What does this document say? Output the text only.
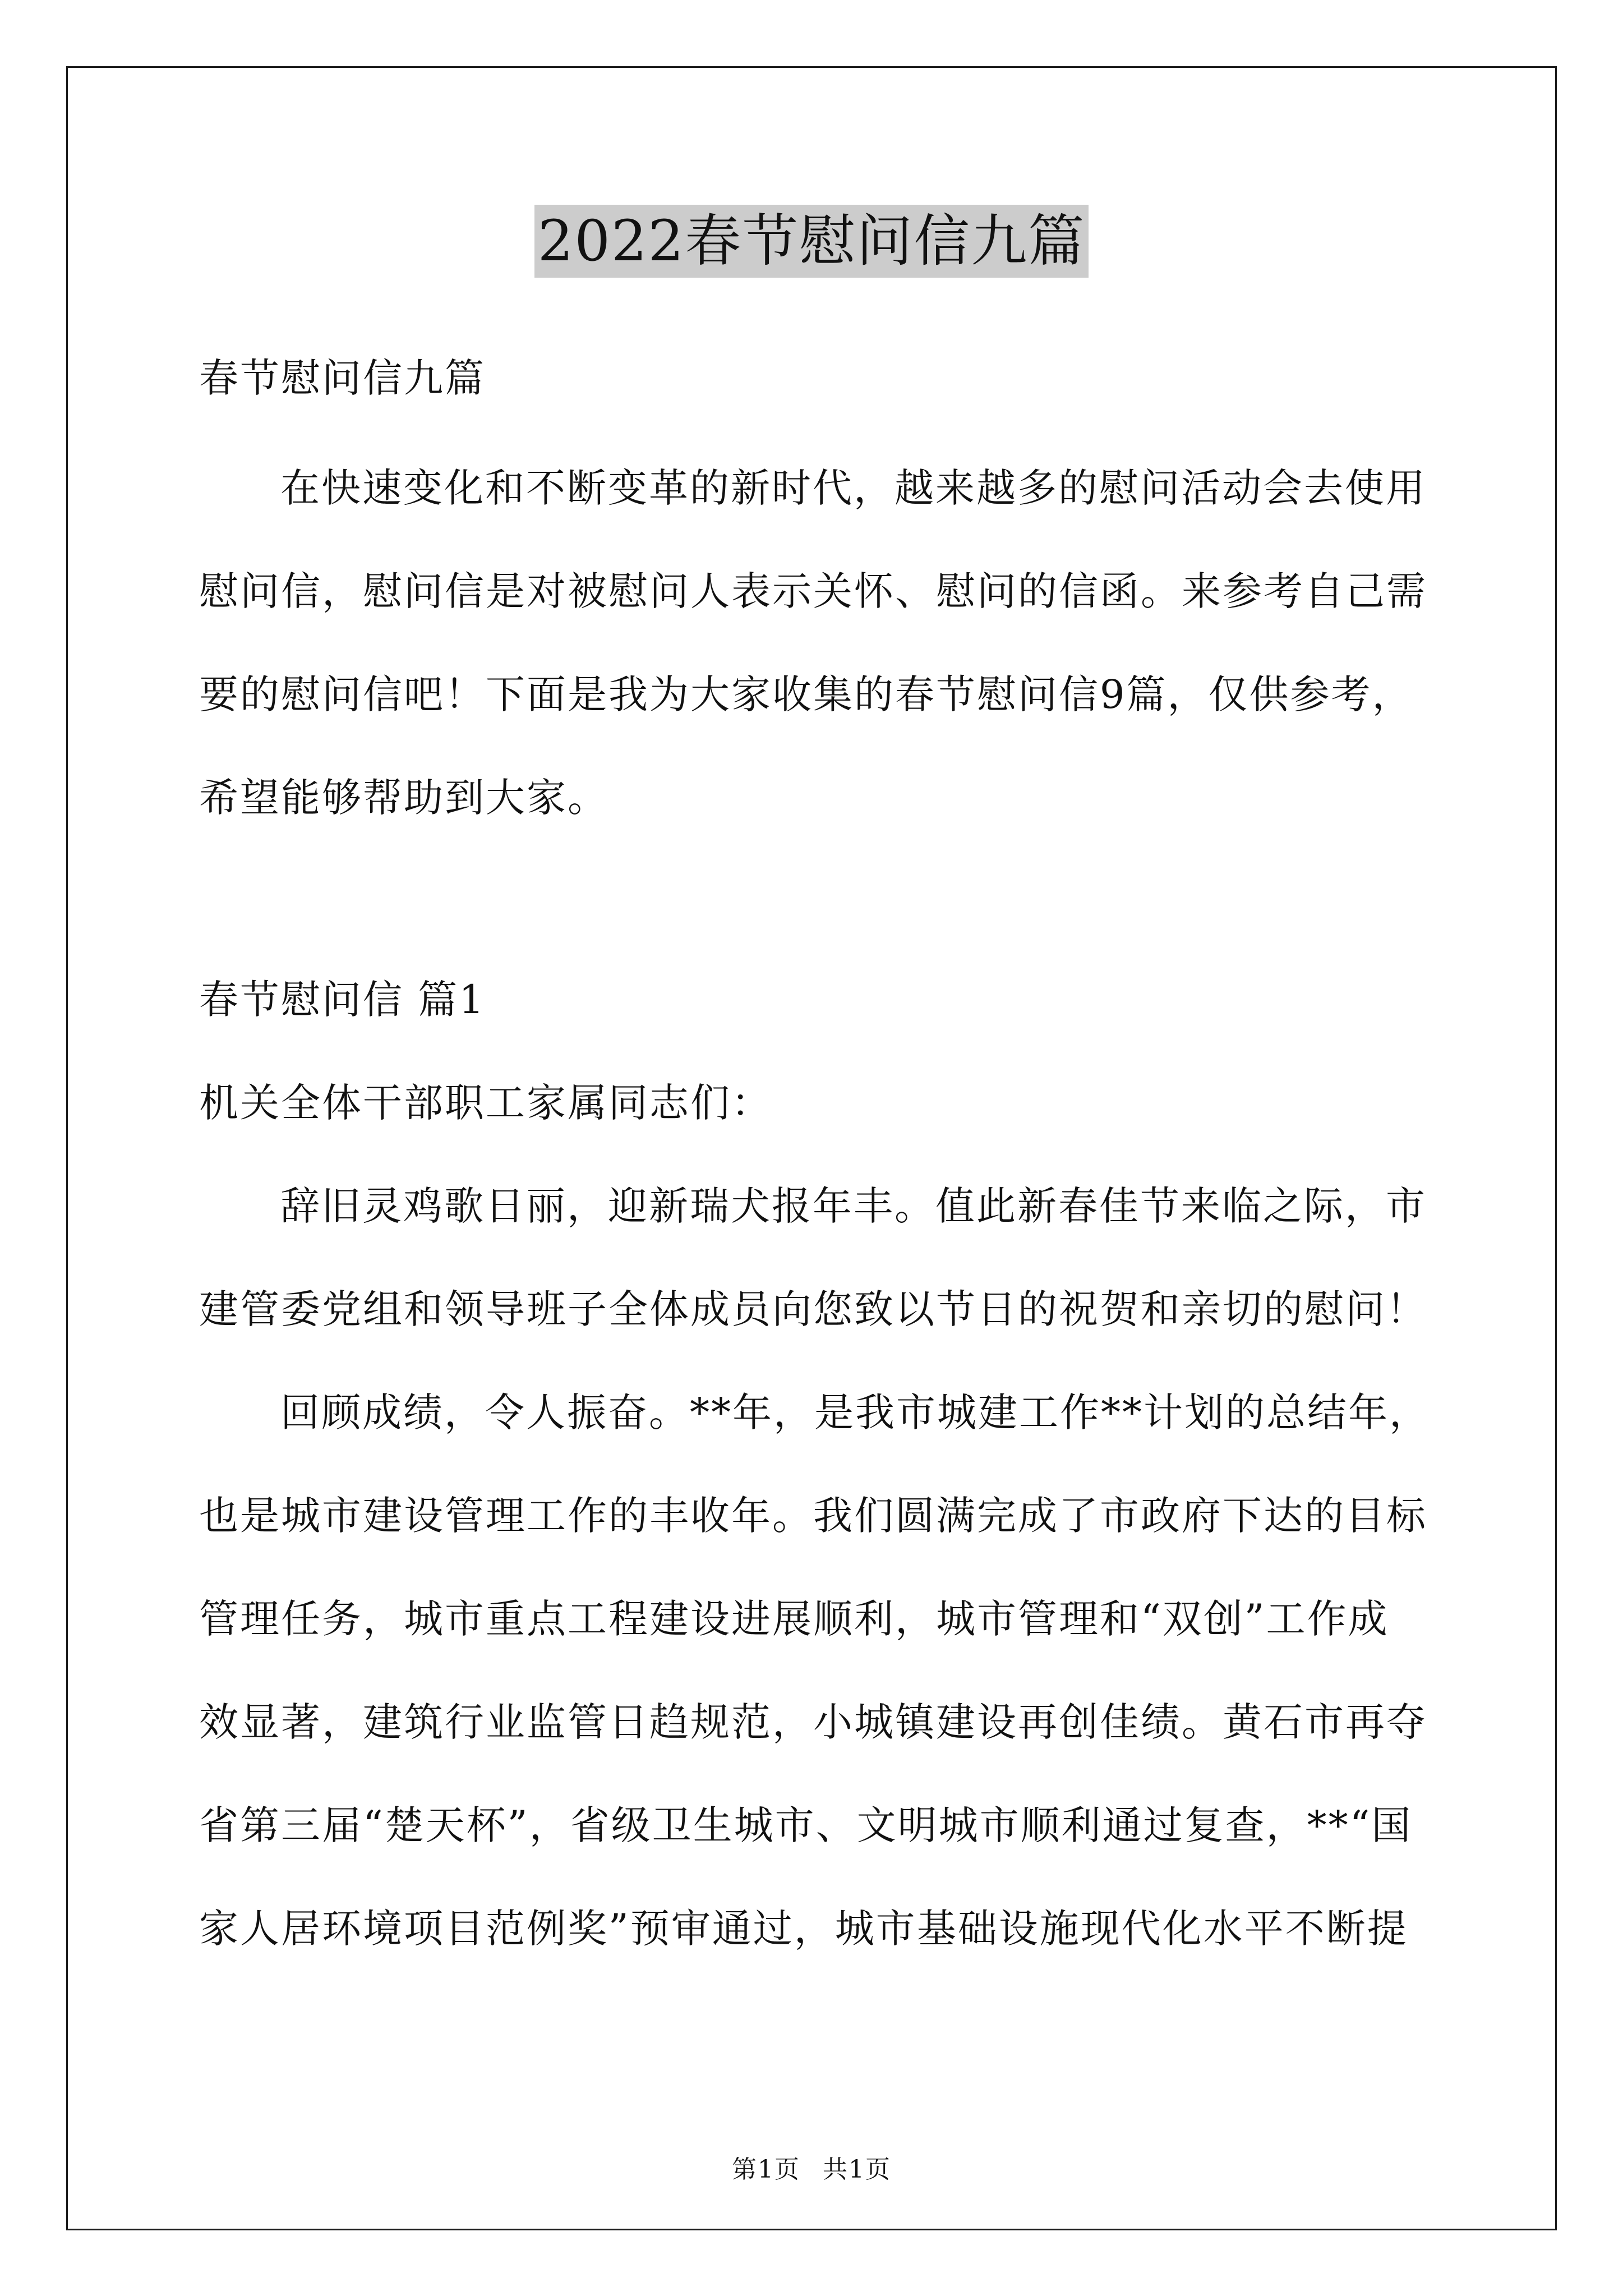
2022春节慰问信九篇
春节慰问信九篇
在快速变化和不断变革的新时代，越来越多的慰问活动会去使用
慰问信，慰问信是对被慰问人表示关怀、慰问的信函。来参考自己需
要的慰问信吧！下面是我为大家收集的春节慰问信9篇，仅供参考，
希望能够帮助到大家。
春节慰问信 篇1
机关全体干部职工家属同志们：
辞旧灵鸡歌日丽，迎新瑞犬报年丰。值此新春佳节来临之际，市
建管委党组和领导班子全体成员向您致以节日的祝贺和亲切的慰问！
回顾成绩，令人振奋。**年，是我市城建工作**计划的总结年，
也是城市建设管理工作的丰收年。我们圆满完成了市政府下达的目标
管理任务，城市重点工程建设进展顺利，城市管理和“双创”工作成
效显著，建筑行业监管日趋规范，小城镇建设再创佳绩。黄石市再夺
省第三届“楚天杯”，省级卫生城市、文明城市顺利通过复查，**“国
家人居环境项目范例奖”预审通过，城市基础设施现代化水平不断提
第1页 共1页
